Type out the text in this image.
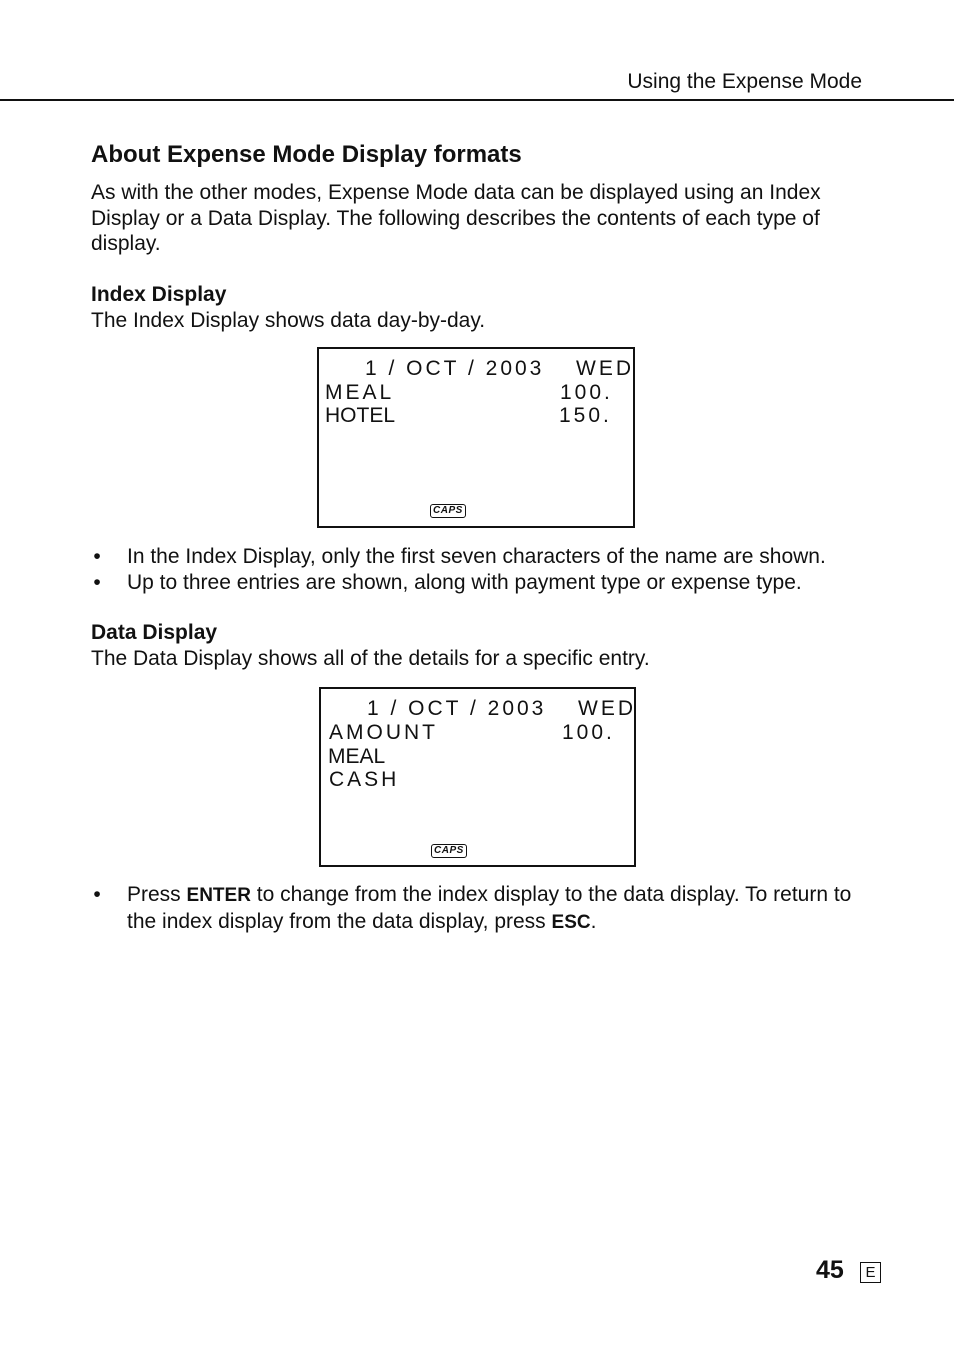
Using the Expense Mode
About Expense Mode Display formats
As with the other modes, Expense Mode data can be displayed using an Index Display or a Data Display. The following describes the contents of each type of display.
Index Display
The Index Display shows data day-by-day.
1 / OCT / 2003 WED
MEAL	100.
HOTEL	150.
CAPS
• In the Index Display, only the first seven characters of the name are shown.
• Up to three entries are shown, along with payment type or expense type.
Data Display
The Data Display shows all of the details for a specific entry.
1 / OCT / 2003 WED
AMOUNT	100.
MEAL
CASH
CAPS
• Press ENTER to change from the index display to the data display. To return to the index display from the data display, press ESC.
45	E
